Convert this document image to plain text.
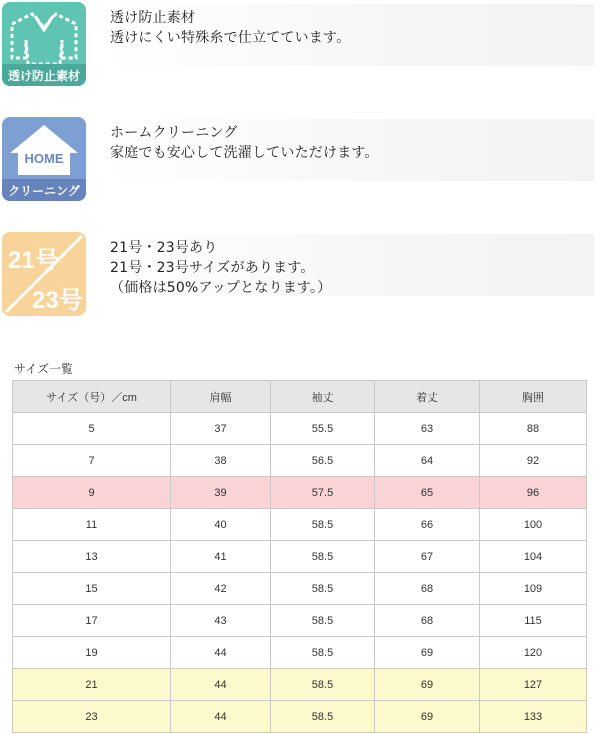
透け防止素材
透け防止素材
透けにくい特殊糸で仕立てています。
HOME
クリーニング
ホームクリーニング
家庭でも安心して洗濯していただけます。
21号
23号
21号・23号あり
21号・23号サイズがあります。
（価格は50%アップとなります。）
サイズ一覧
サイズ（号）／cm	肩幅	袖丈	着丈	胸囲
5	37	55.5	63	88
7	38	56.5	64	92
9	39	57.5	65	96
11	40	58.5	66	100
13	41	58.5	67	104
15	42	58.5	68	109
17	43	58.5	68	115
19	44	58.5	69	120
21	44	58.5	69	127
23	44	58.5	69	133
